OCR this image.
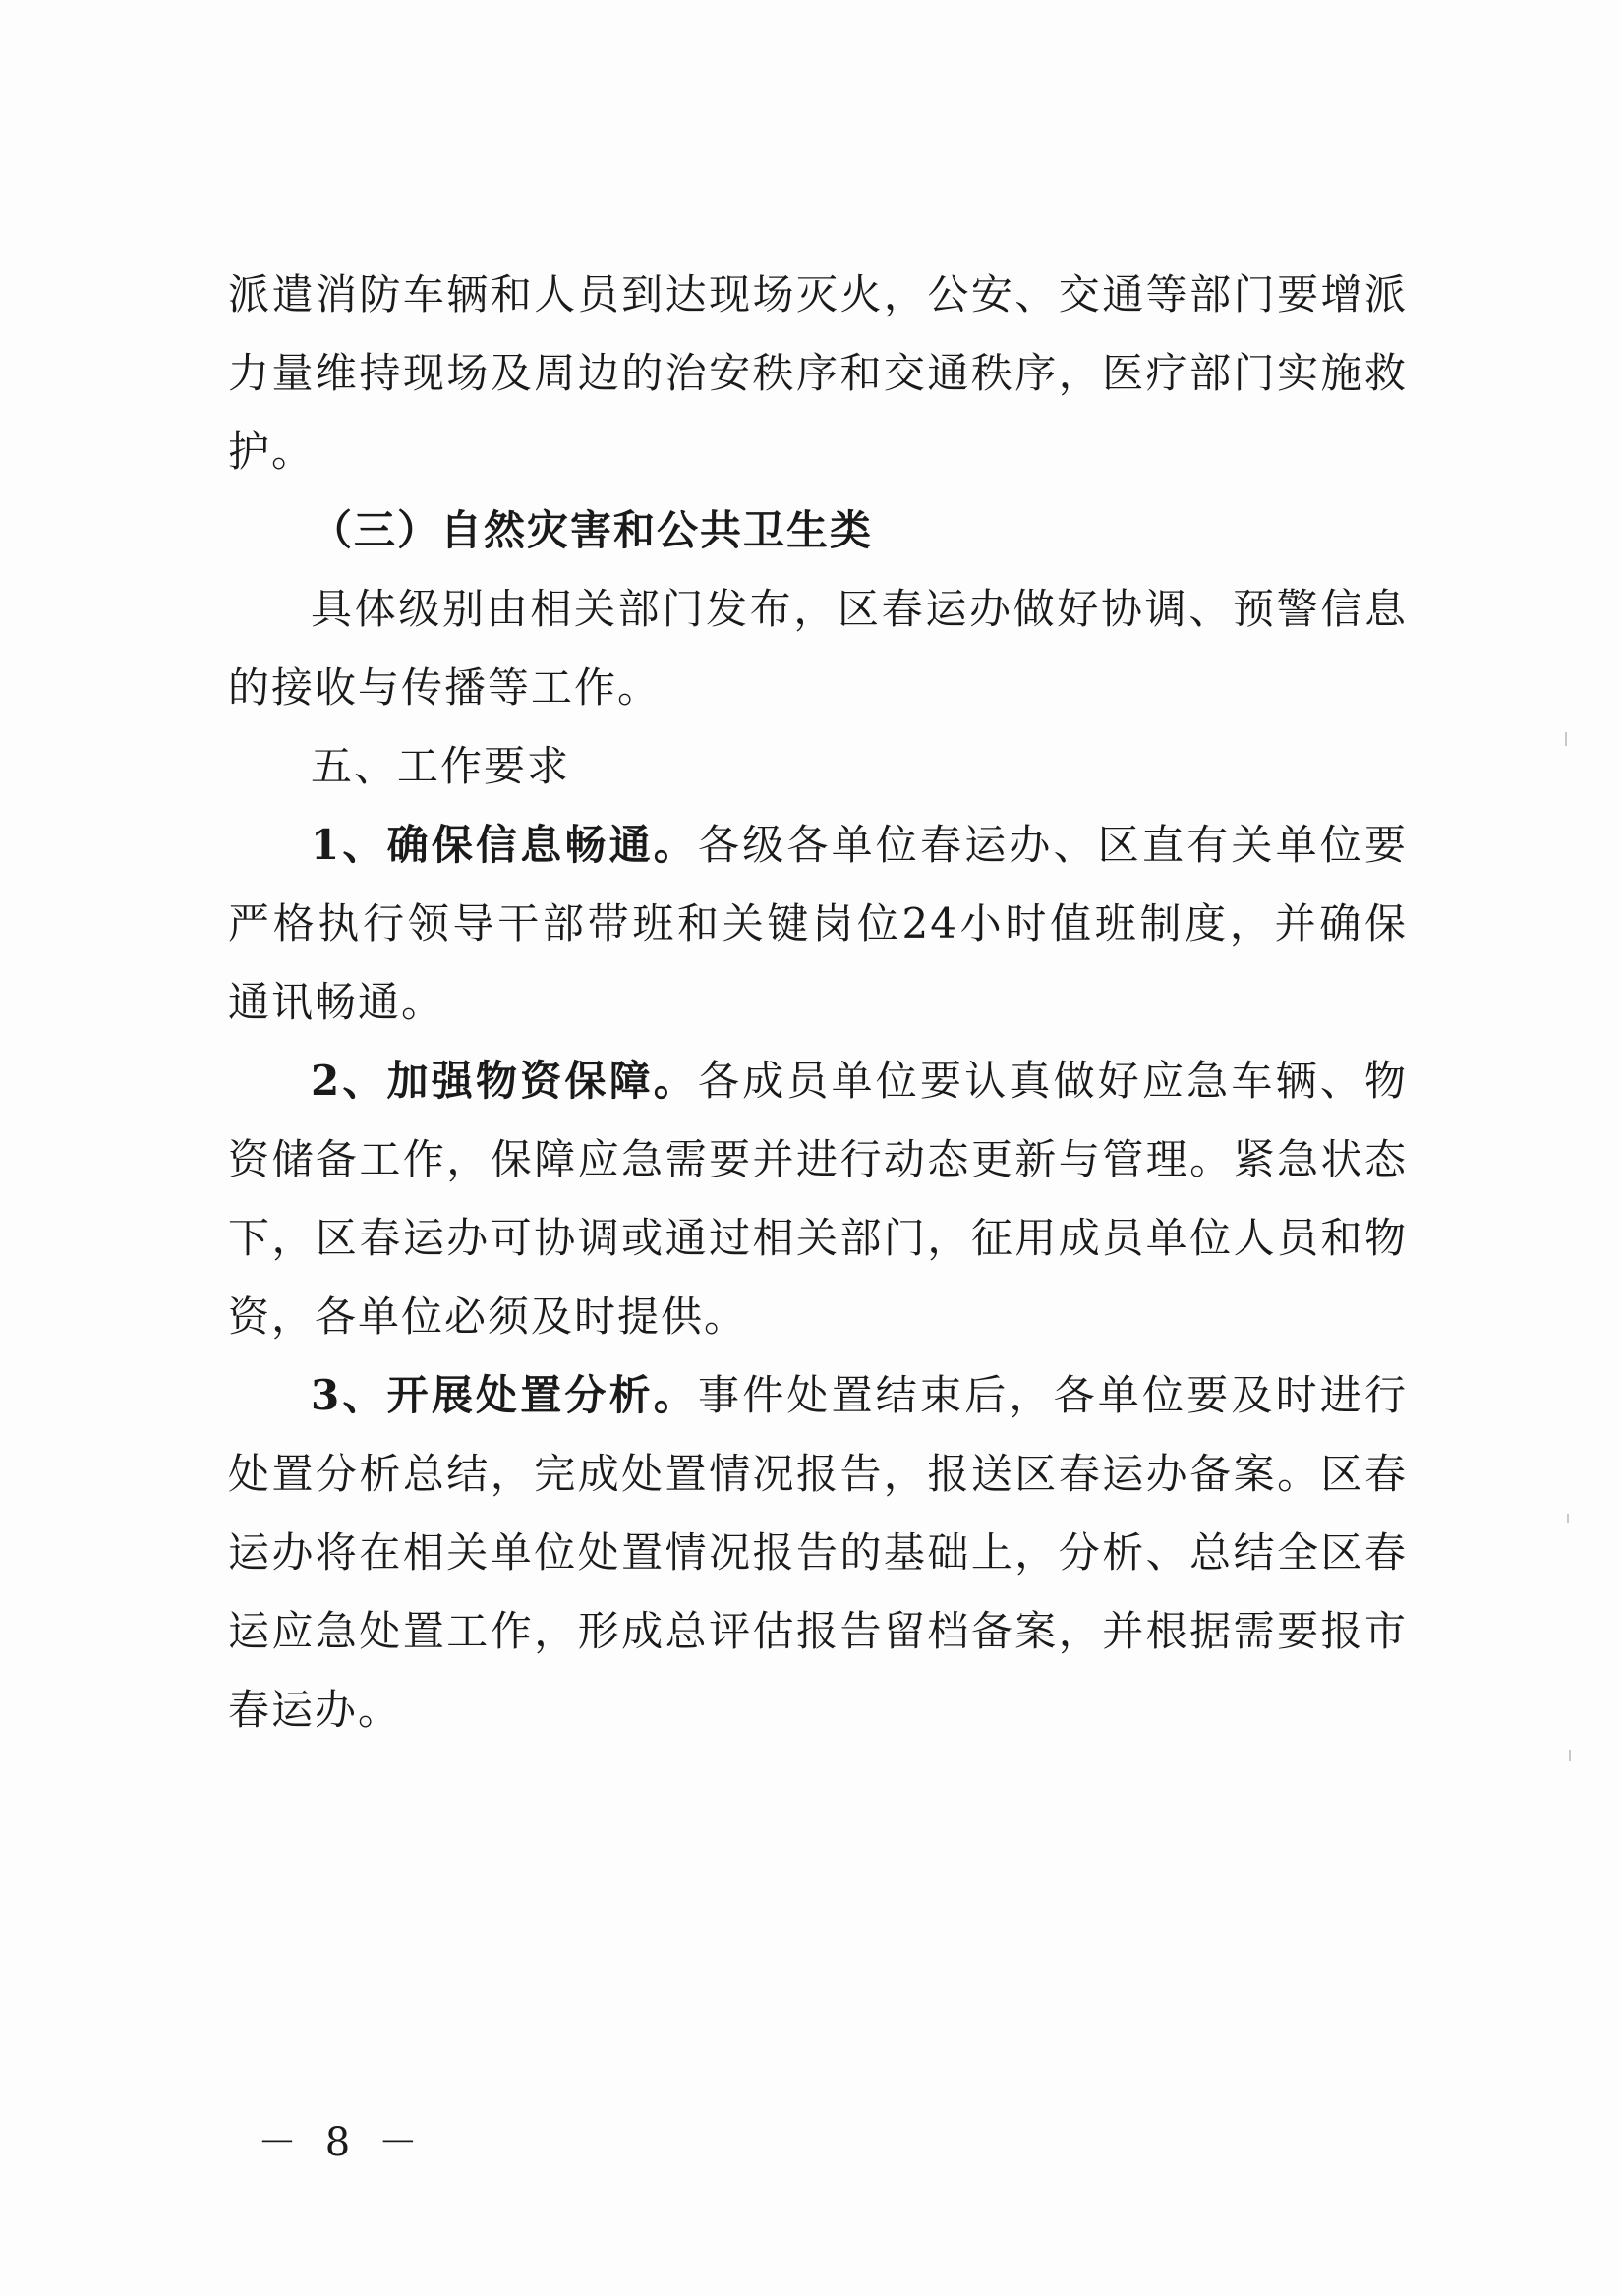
派遣消防车辆和人员到达现场灭火，公安、交通等部门要增派力量维持现场及周边的治安秩序和交通秩序，医疗部门实施救护。

（三）自然灾害和公共卫生类

具体级别由相关部门发布，区春运办做好协调、预警信息的接收与传播等工作。

五、工作要求

1、确保信息畅通。各级各单位春运办、区直有关单位要严格执行领导干部带班和关键岗位24小时值班制度，并确保通讯畅通。

2、加强物资保障。各成员单位要认真做好应急车辆、物资储备工作，保障应急需要并进行动态更新与管理。紧急状态下，区春运办可协调或通过相关部门，征用成员单位人员和物资，各单位必须及时提供。

3、开展处置分析。事件处置结束后，各单位要及时进行处置分析总结，完成处置情况报告，报送区春运办备案。区春运办将在相关单位处置情况报告的基础上，分析、总结全区春运应急处置工作，形成总评估报告留档备案，并根据需要报市春运办。

－ 8 －
